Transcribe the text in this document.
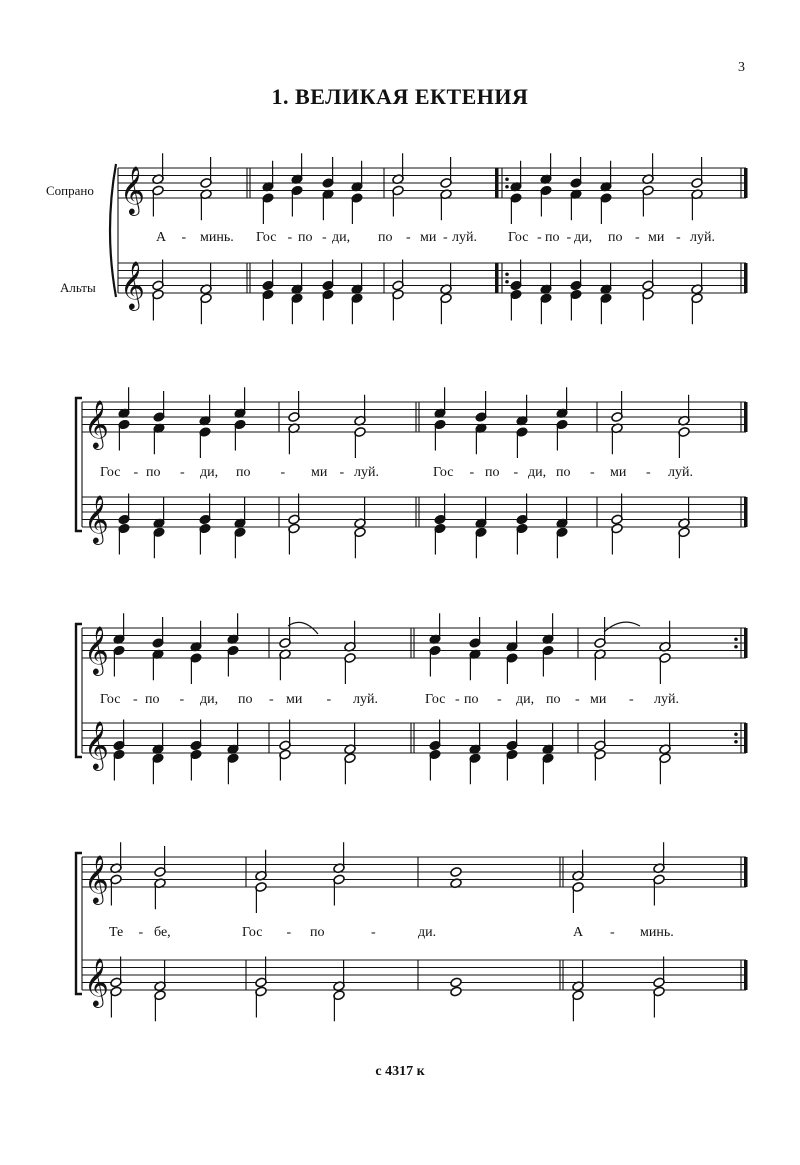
3
1. ВЕЛИКАЯ ЕКТЕНИЯ
Сопрано
Альты
𝄞
𝄞
𝄞
𝄞
𝄞
𝄞
𝄞
𝄞
А - минь. Гос - по - ди, по - ми - луй. Гос - по - ди, по - ми - луй.
Гос - по - ди, по - ми - луй.	Гос - по - ди, по - ми - луй.
Гос - по - ди, по - ми - луй.	Гос - по - ди, по - ми - луй.
Те - бе,	Гос - по	-	ди.	А - минь.
с 4317 к
